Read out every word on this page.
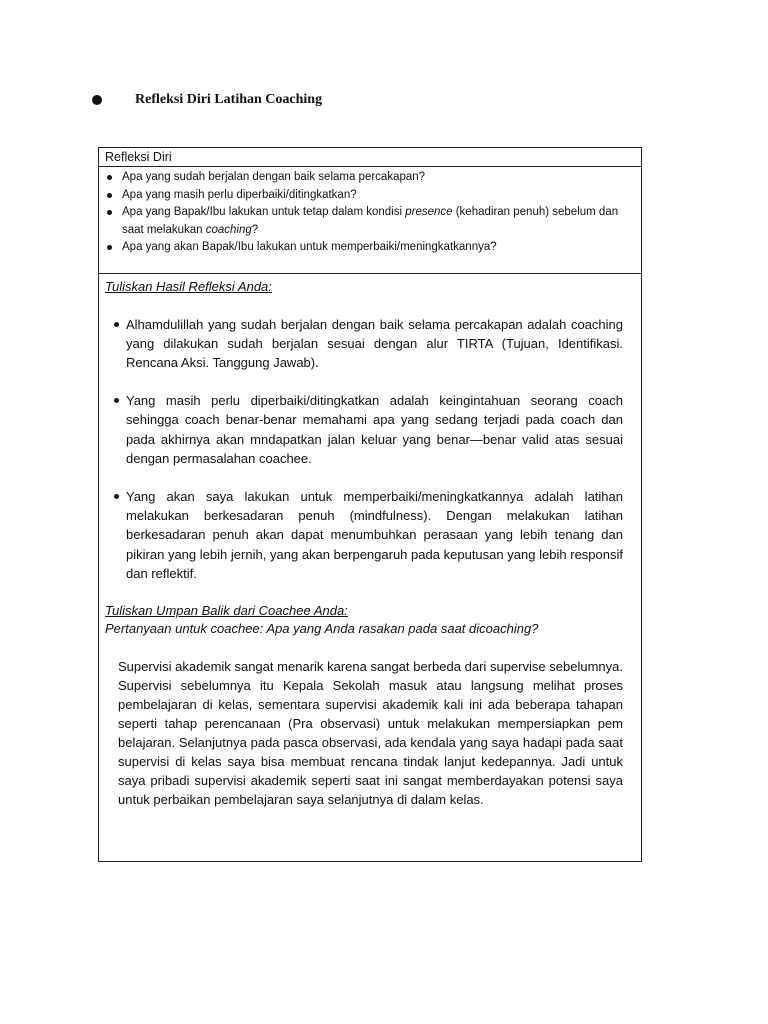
Refleksi Diri Latihan Coaching
Refleksi Diri
Apa yang sudah berjalan dengan baik selama percakapan?
Apa yang masih perlu diperbaiki/ditingkatkan?
Apa yang Bapak/Ibu lakukan untuk tetap dalam kondisi presence (kehadiran penuh) sebelum dan saat melakukan coaching?
Apa yang akan Bapak/Ibu lakukan untuk memperbaiki/meningkatkannya?
Tuliskan Hasil Refleksi Anda:
Alhamdulillah yang sudah berjalan dengan baik selama percakapan adalah coaching yang dilakukan sudah berjalan sesuai dengan alur TIRTA (Tujuan, Identifikasi. Rencana Aksi. Tanggung Jawab).
Yang masih perlu diperbaiki/ditingkatkan adalah keingintahuan seorang coach sehingga coach benar-benar memahami apa yang sedang terjadi pada coach dan pada akhirnya akan mndapatkan jalan keluar yang benar—benar valid atas sesuai dengan permasalahan coachee.
Yang akan saya lakukan untuk memperbaiki/meningkatkannya adalah latihan melakukan berkesadaran penuh (mindfulness). Dengan melakukan latihan berkesadaran penuh akan dapat menumbuhkan perasaan yang lebih tenang dan pikiran yang lebih jernih, yang akan berpengaruh pada keputusan yang lebih responsif dan reflektif.
Tuliskan Umpan Balik dari Coachee Anda:
Pertanyaan untuk coachee: Apa yang Anda rasakan pada saat dicoaching?
Supervisi akademik sangat menarik karena sangat berbeda dari supervise sebelumnya. Supervisi sebelumnya itu Kepala Sekolah masuk atau langsung melihat proses pembelajaran di kelas, sementara supervisi akademik kali ini ada beberapa tahapan seperti tahap perencanaan (Pra observasi) untuk melakukan mempersiapkan pem belajaran. Selanjutnya pada pasca observasi, ada kendala yang saya hadapi pada saat supervisi di kelas saya bisa membuat rencana tindak lanjut kedepannya. Jadi untuk saya pribadi supervisi akademik seperti saat ini sangat memberdayakan potensi saya untuk perbaikan pembelajaran saya selanjutnya di dalam kelas.
